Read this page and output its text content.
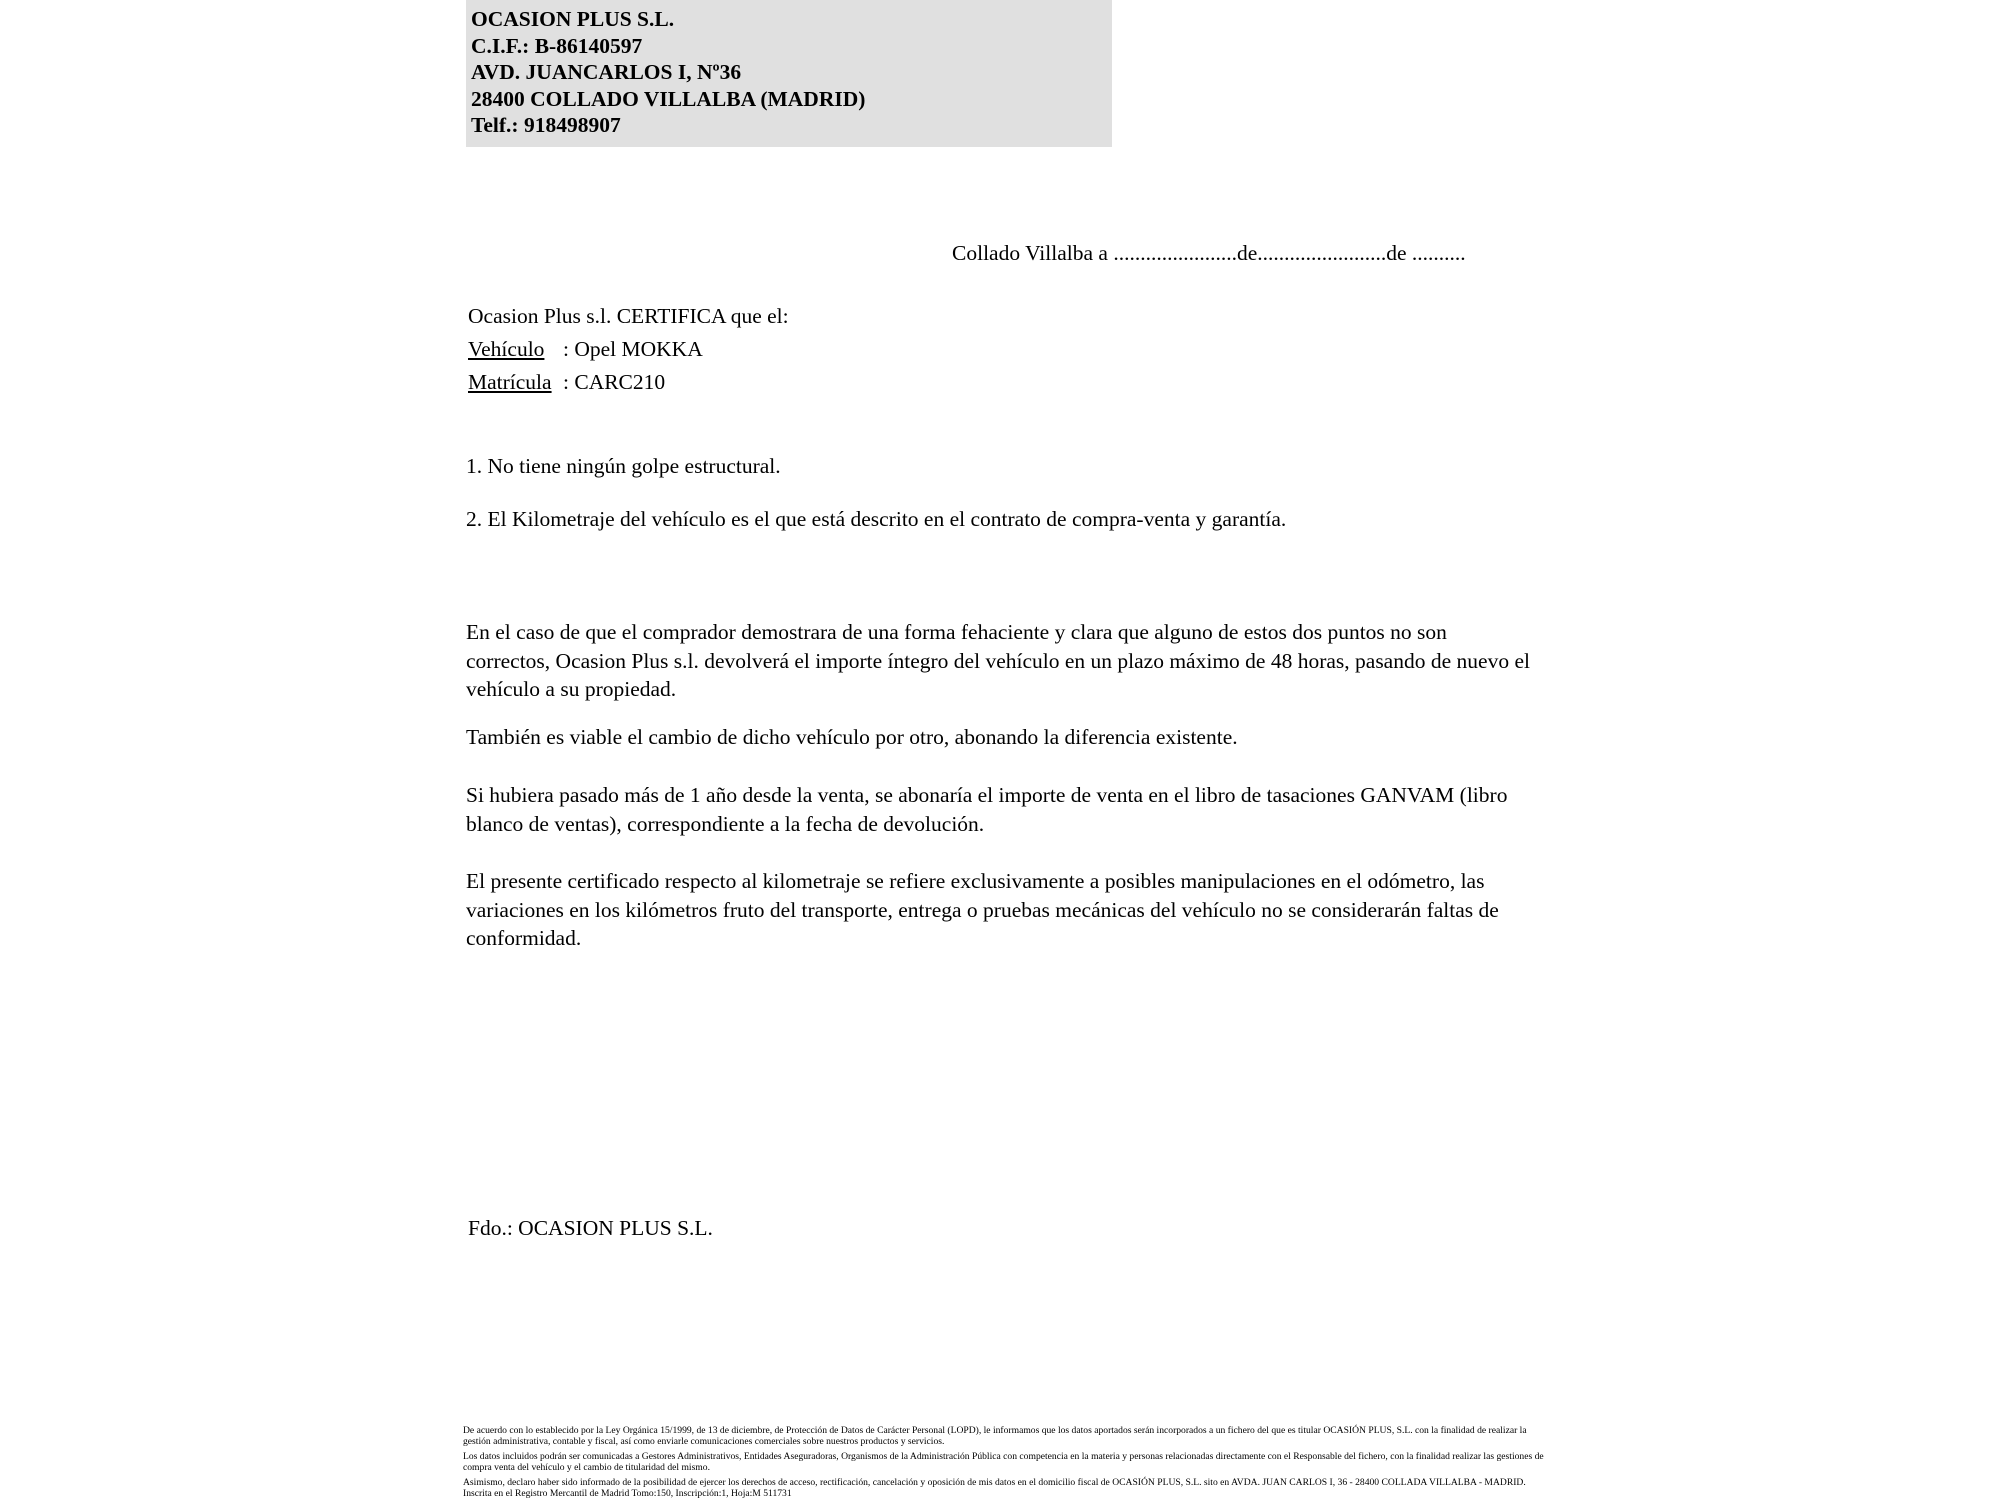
OCASION PLUS S.L.
C.I.F.: B-86140597
AVD. JUANCARLOS I, Nº36
28400 COLLADO VILLALBA (MADRID)
Telf.: 918498907
Collado Villalba a .......................de........................de ..........
Ocasion Plus s.l. CERTIFICA que el:
Vehículo : Opel MOKKA
Matrícula : CARC210
1. No tiene ningún golpe estructural.
2. El Kilometraje del vehículo es el que está descrito en el contrato de compra-venta y garantía.
En el caso de que el comprador demostrara de una forma fehaciente y clara que alguno de estos dos puntos no son correctos, Ocasion Plus s.l. devolverá el importe íntegro del vehículo en un plazo máximo de 48 horas, pasando de nuevo el vehículo a su propiedad.
También es viable el cambio de dicho vehículo por otro, abonando la diferencia existente.
Si hubiera pasado más de 1 año desde la venta, se abonaría el importe de venta en el libro de tasaciones GANVAM (libro blanco de ventas), correspondiente a la fecha de devolución.
El presente certificado respecto al kilometraje se refiere exclusivamente a posibles manipulaciones en el odómetro, las variaciones en los kilómetros fruto del transporte, entrega o pruebas mecánicas del vehículo no se considerarán faltas de conformidad.
Fdo.: OCASION PLUS S.L.

De acuerdo con lo establecido por la Ley Orgánica 15/1999, de 13 de diciembre, de Protección de Datos de Carácter Personal (LOPD), le informamos que los datos aportados serán incorporados a un fichero del que es titular OCASIÓN PLUS, S.L. con la finalidad de realizar la gestión administrativa, contable y fiscal, así como enviarle comunicaciones comerciales sobre nuestros productos y servicios.

Los datos incluidos podrán ser comunicadas a Gestores Administrativos, Entidades Aseguradoras, Organismos de la Administración Pública con competencia en la materia y personas relacionadas directamente con el Responsable del fichero, con la finalidad realizar las gestiones de compra venta del vehículo y el cambio de titularidad del mismo.

Asimismo, declaro haber sido informado de la posibilidad de ejercer los derechos de acceso, rectificación, cancelación y oposición de mis datos en el domicilio fiscal de OCASIÓN PLUS, S.L. sito en AVDA. JUAN CARLOS I, 36 - 28400 COLLADA VILLALBA - MADRID. Inscrita en el Registro Mercantil de Madrid Tomo:150, Inscripción:1, Hoja:M 511731
